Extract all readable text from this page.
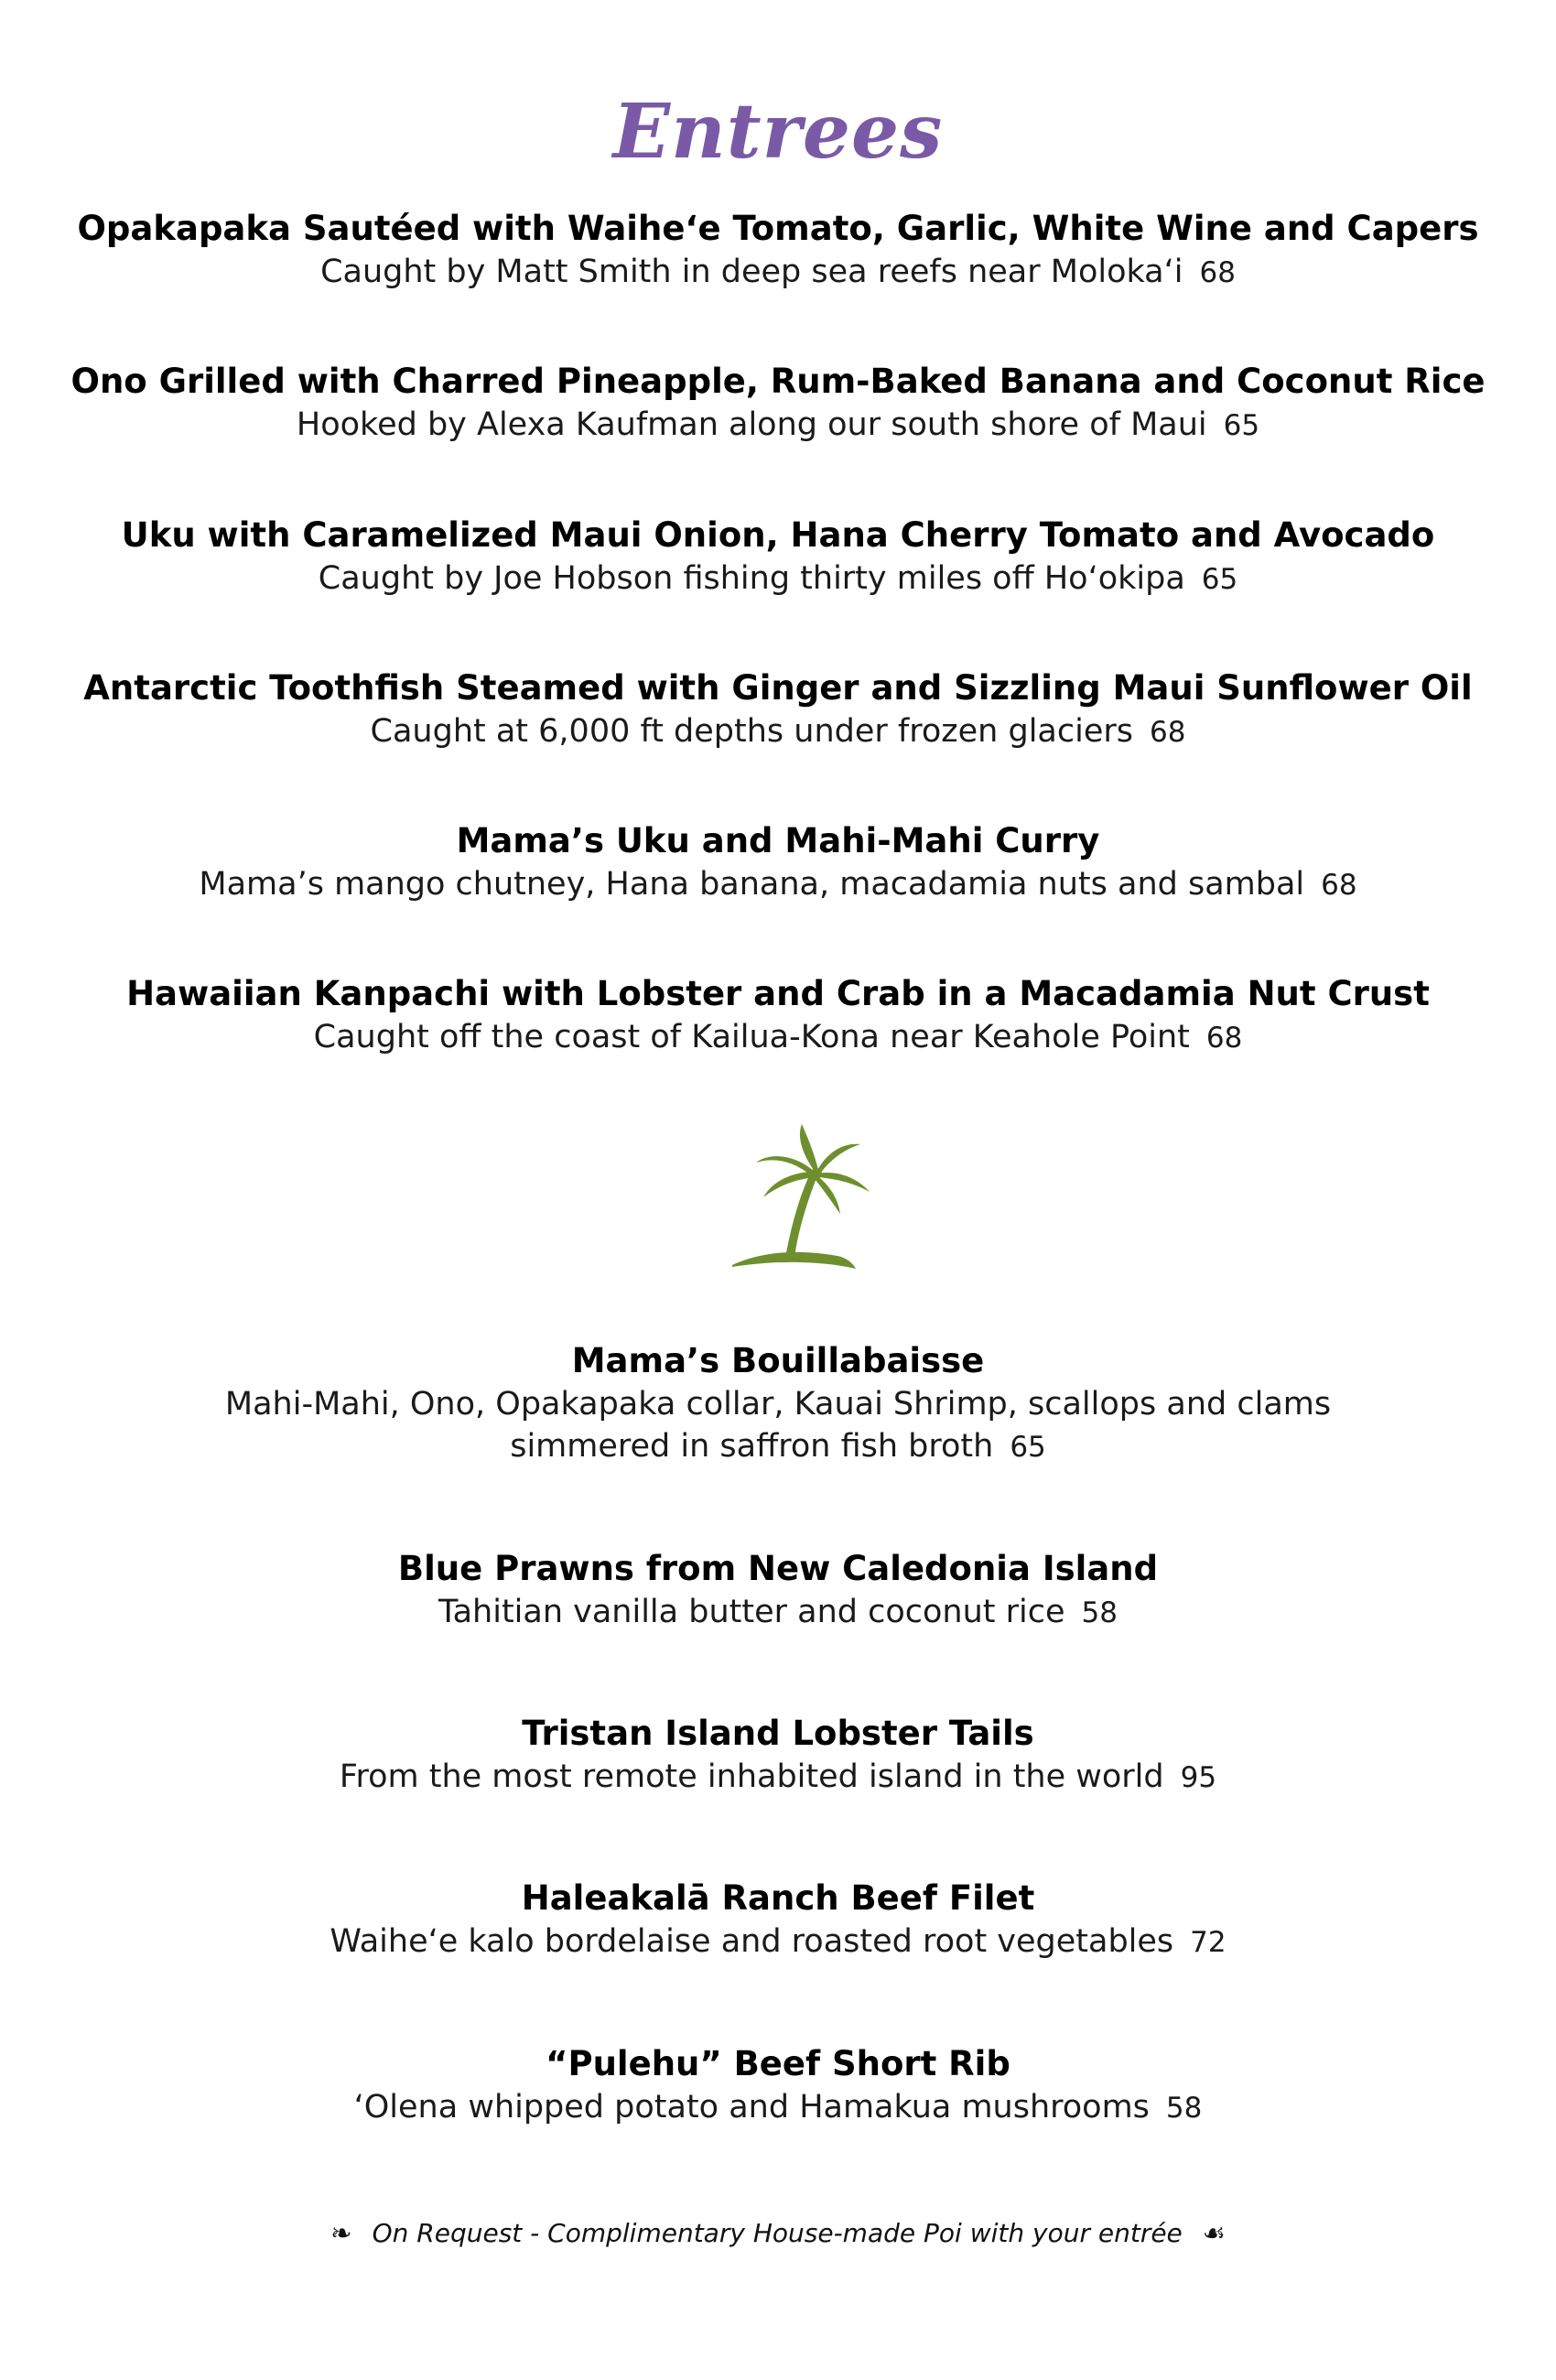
Entrees
Opakapaka Sautéed with Waihe‘e Tomato, Garlic, White Wine and Capers
Caught by Matt Smith in deep sea reefs near Moloka‘i 68
Ono Grilled with Charred Pineapple, Rum-Baked Banana and Coconut Rice
Hooked by Alexa Kaufman along our south shore of Maui 65
Uku with Caramelized Maui Onion, Hana Cherry Tomato and Avocado
Caught by Joe Hobson fishing thirty miles off Ho‘okipa 65
Antarctic Toothfish Steamed with Ginger and Sizzling Maui Sunflower Oil
Caught at 6,000 ft depths under frozen glaciers 68
Mama’s Uku and Mahi-Mahi Curry
Mama’s mango chutney, Hana banana, macadamia nuts and sambal 68
Hawaiian Kanpachi with Lobster and Crab in a Macadamia Nut Crust
Caught off the coast of Kailua-Kona near Keahole Point 68
Mama’s Bouillabaisse
Mahi-Mahi, Ono, Opakapaka collar, Kauai Shrimp, scallops and clams simmered in saffron fish broth 65
Blue Prawns from New Caledonia Island
Tahitian vanilla butter and coconut rice 58
Tristan Island Lobster Tails
From the most remote inhabited island in the world 95
Haleakalā Ranch Beef Filet
Waihe‘e kalo bordelaise and roasted root vegetables 72
“Pulehu” Beef Short Rib
‘Olena whipped potato and Hamakua mushrooms 58
❧ On Request - Complimentary House-made Poi with your entrée ☙
